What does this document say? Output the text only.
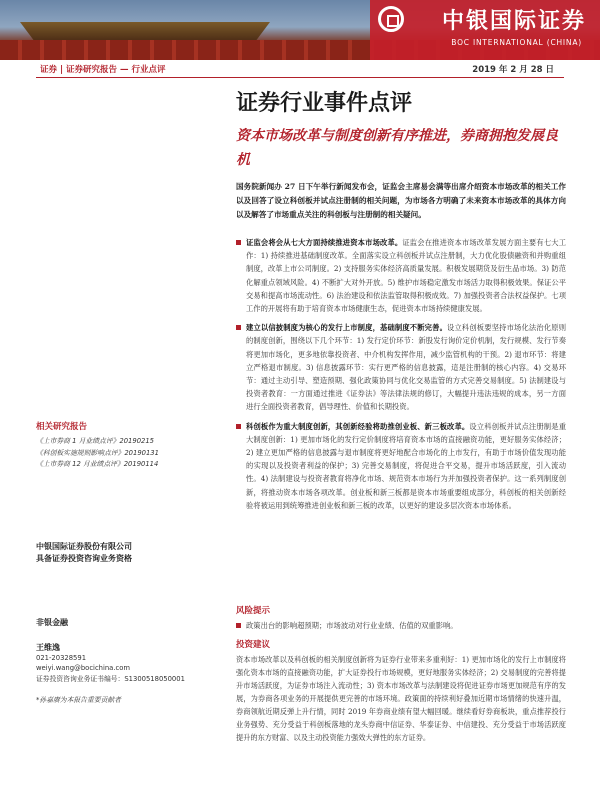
中银国际证券
BOC INTERNATIONAL (CHINA)
证券 | 证券研究报告 — 行业点评	2019 年 2 月 28 日
证券行业事件点评
资本市场改革与制度创新有序推进，券商拥抱发展良机
国务院新闻办 27 日下午举行新闻发布会，证监会主席易会满等出席介绍资本市场改革的相关工作以及回答了设立科创板并试点注册制的相关问题，为市场各方明确了未来资本市场改革的具体方向以及解答了市场重点关注的科创板与注册制的相关疑问。
证监会将会从七大方面持续推进资本市场改革。证监会在推进资本市场改革发展方面主要有七大工作：1) 持续推进基础制度改革。全面落实设立科创板并试点注册制，大力优化股债融资和并购重组制度，改革上市公司制度。2) 支持服务实体经济高质量发展。积极发展期货及衍生品市场。3) 防范化解重点领域风险。4) 不断扩大对外开放。5) 维护市场稳定激发市场活力取得积极效果。保证公平交易和提高市场流动性。6) 法治建设和依法监管取得积极成效。7) 加强投资者合法权益保护。七项工作的开展将有助于培育资本市场健康生态，促进资本市场持续健康发展。
建立以信披制度为核心的发行上市制度，基础制度不断完善。设立科创板要坚持市场化法治化原则的制度创新，围绕以下几个环节：1) 发行定价环节：新股发行询价定价机制，发行规模、发行节奏将更加市场化，更多地依靠投资者、中介机构发挥作用，减少监管机构的干预。2) 退市环节：将建立严格退市制度。3) 信息披露环节：实行更严格的信息披露，這是注册制的核心内容。4) 交易环节：通过主动引导、塑造预期、强化政策协同与优化交易监管的方式完善交易制度。5) 法制建设与投资者教育：一方面通过推进《证券法》等法律法规的修订，大幅提升违法违规的成本，另一方面进行全面投资者教育，倡导理性、价值和长期投资。
科创板作为重大制度创新，其创新经验将助推创业板、新三板改革。设立科创板并试点注册制是重大制度创新：1) 更加市场化的发行定价制度将培育资本市场的直接融资功能，更好服务实体经济；2) 建立更加严格的信息披露与退市制度将更好地配合市场化的上市发行，有助于市场价值发现功能的实现以及投资者利益的保护；3) 完善交易制度，将促进合平交易，提升市场活跃度，引入流动性。4) 法制建设与投资者教育将净化市场、规范资本市场行为并加强投资者保护。这一系列制度创新，将推动资本市场各项改革。创业板和新三板都是资本市场重要组成部分，科创板的相关创新经验将被运用到统筹推进创业板和新三板的改革，以更好的建设多层次资本市场体系。
风险提示
政策出台的影响超预期；市场波动对行业业绩、估值的双重影响。
投资建议
资本市场改革以及科创板的相关制度创新将为证券行业带来多重利好：1) 更加市场化的发行上市制度将强化资本市场的直接融资功能，扩大证券投行市场规模，更好地服务实体经济；2) 交易制度的完善将提升市场活跃度，为证券市场注入流动性；3) 资本市场改革与法制建设将促进证券市场更加规范有序的发展，为券商各项业务的开展提供更完善的市场环境。政策面的持续利好叠加近期市场情绪的快速升温，券商领航近期反弹上升行情，同时 2019 年券商业绩有望大幅回暖。继续看好券商板块，重点推荐投行业务强势、充分受益于科创板落地的龙头券商中信证券、华泰证券、中信建投、充分受益于市场活跃度提升的东方财富、以及主动投资能力强效大弹性的东方证券。
相关研究报告
《上市券商 1 月业绩点评》20190215
《科创板实施规则影响点评》20190131
《上市券商 12 月业绩点评》20190114
中银国际证券股份有限公司
具备证券投资咨询业务资格
非银金融
王维逸
021-20328591
weiyi.wang@bocichina.com
证券投资咨询业务证书编号：S1300518050001
*孙嘉赓为本报告重要贡献者
